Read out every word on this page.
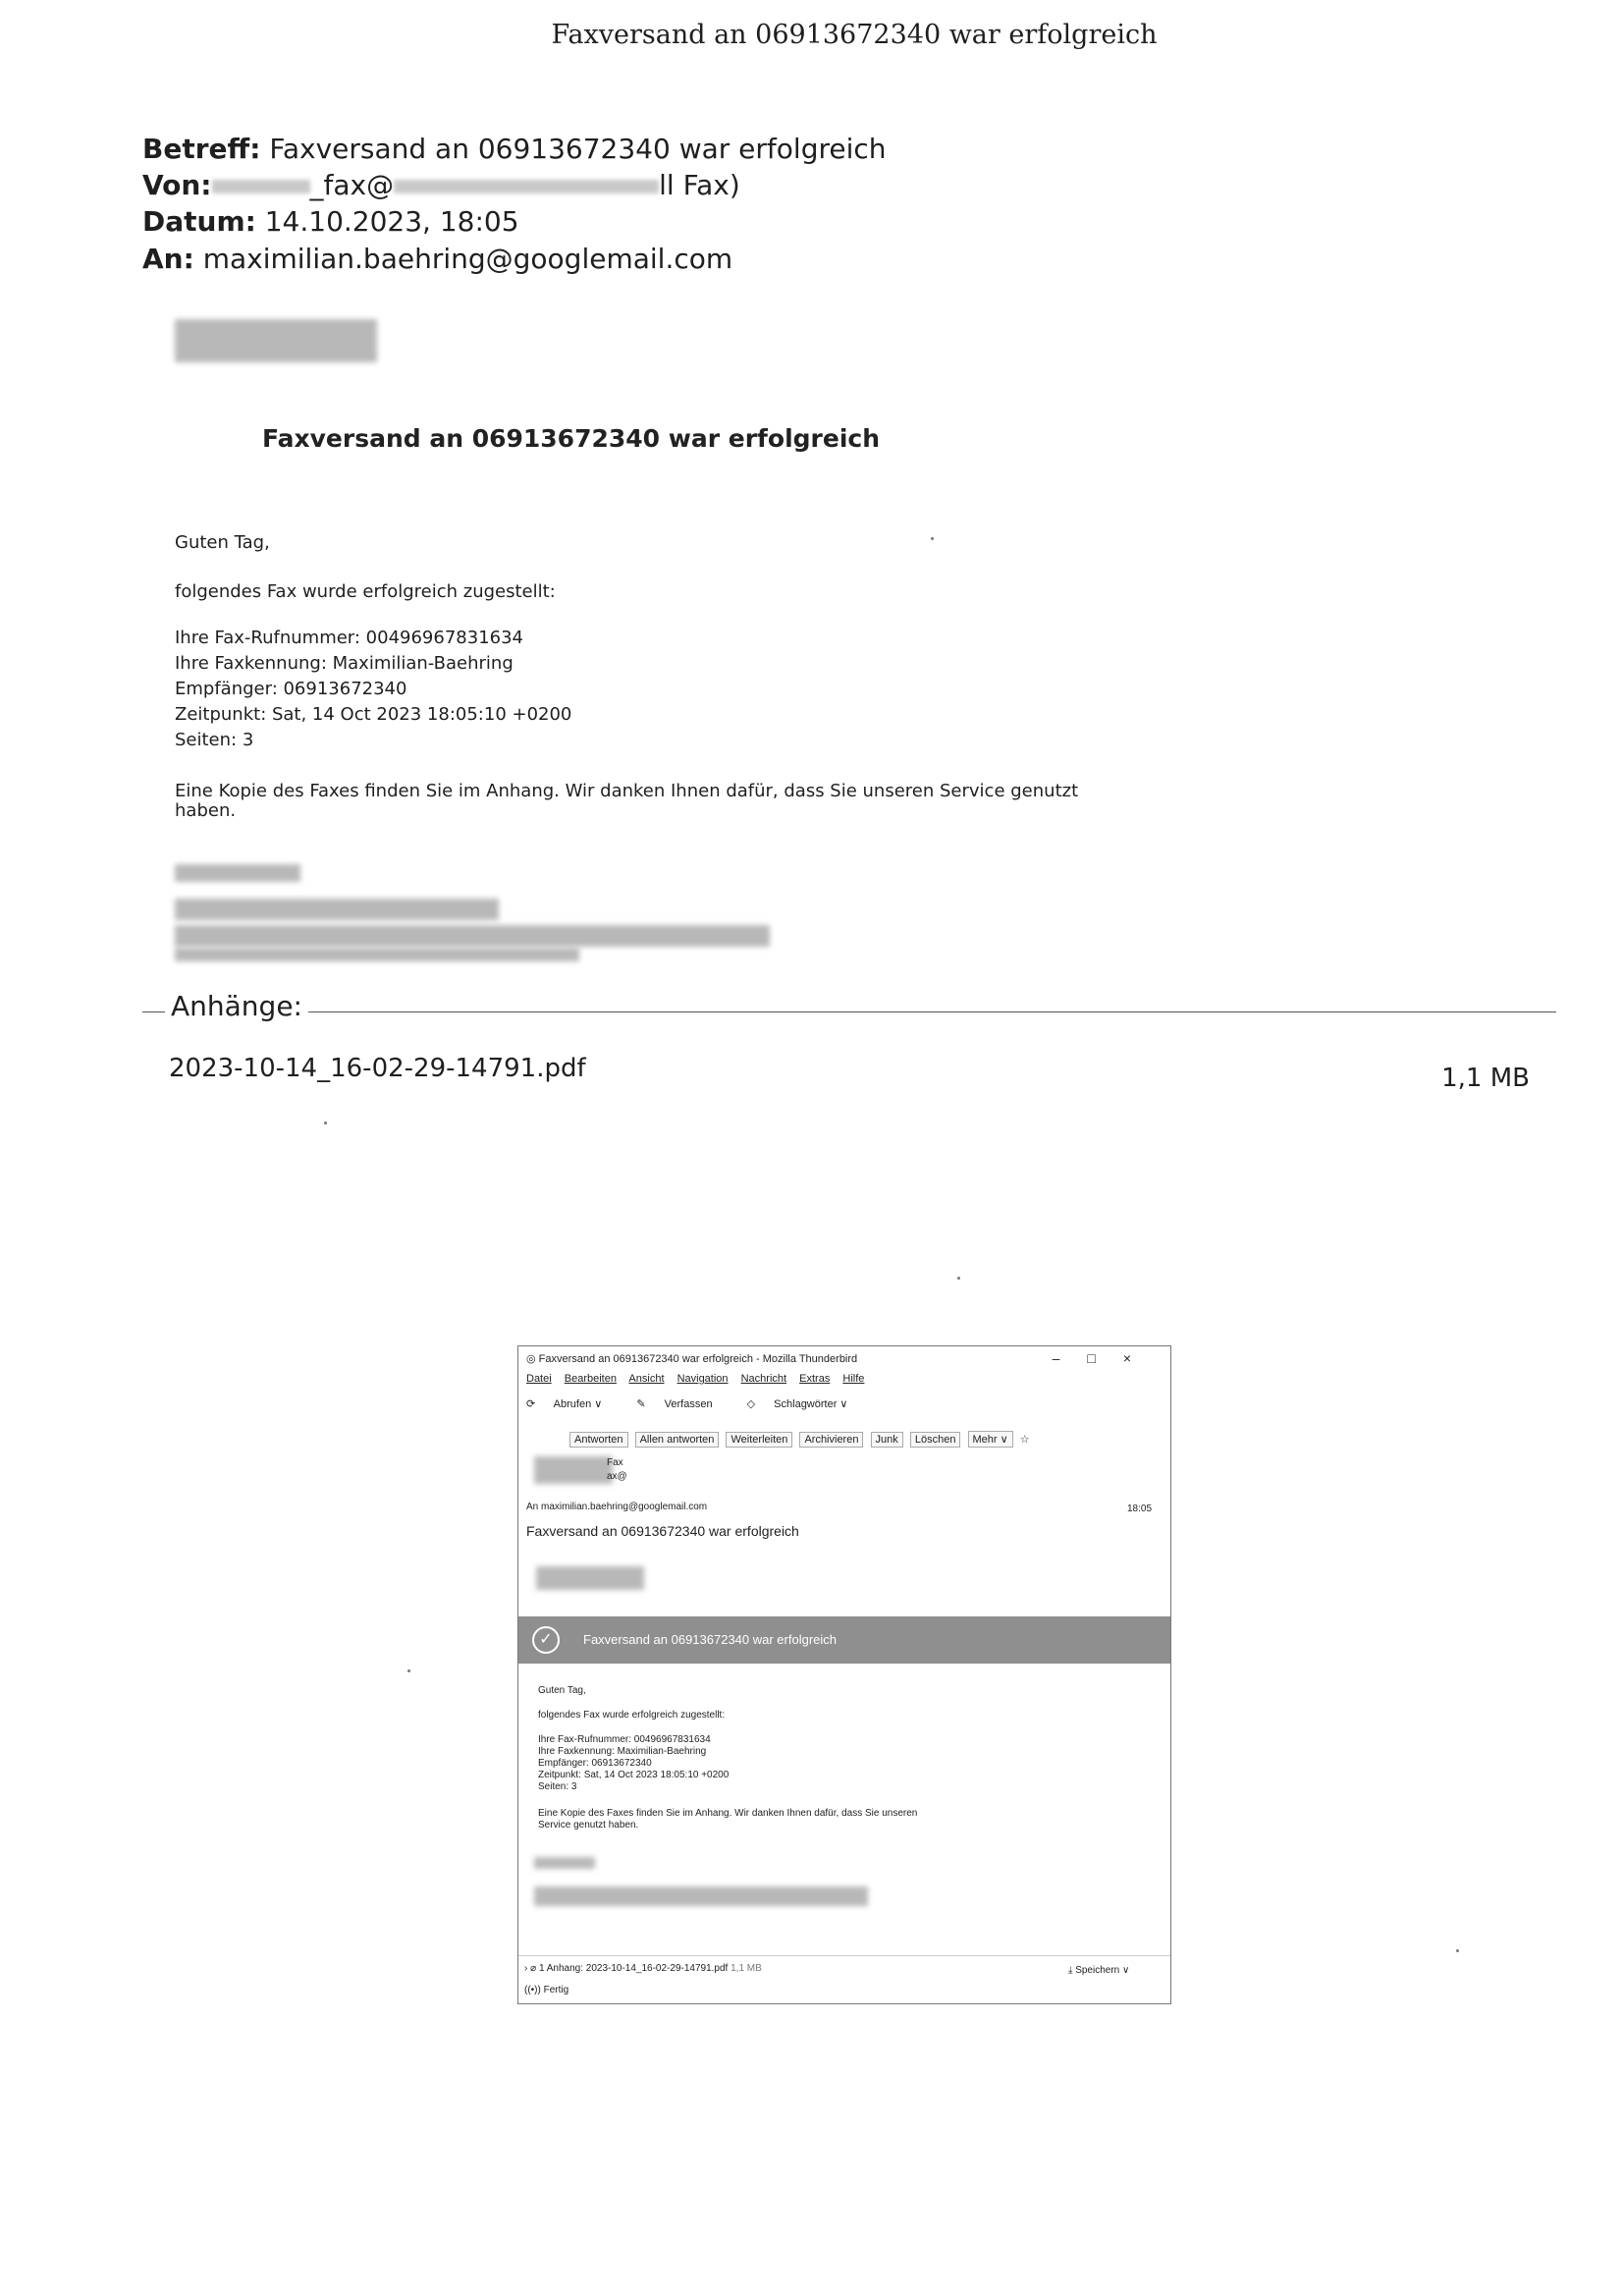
Faxversand an 06913672340 war erfolgreich
Betreff: Faxversand an 06913672340 war erfolgreich
Von:	_fax@	ll Fax)
Datum: 14.10.2023, 18:05
An: maximilian.baehring@googlemail.com
Faxversand an 06913672340 war erfolgreich
Guten Tag,
folgendes Fax wurde erfolgreich zugestellt:
Ihre Fax-Rufnummer: 00496967831634
Ihre Faxkennung: Maximilian-Baehring
Empfänger: 06913672340
Zeitpunkt: Sat, 14 Oct 2023 18:05:10 +0200
Seiten: 3
Eine Kopie des Faxes finden Sie im Anhang. Wir danken Ihnen dafür, dass Sie unseren Service genutzt
haben.
Anhänge:
2023-10-14_16-02-29-14791.pdf	1,1 MB
◎ Faxversand an 06913672340 war erfolgreich - Mozilla Thunderbird	–□×
Datei Bearbeiten Ansicht Navigation Nachricht Extras Hilfe
⟳ Abrufen ∨	✎ Verfassen	◇ Schlagwörter ∨
Antworten Allen antworten Weiterleiten Archivieren Junk Löschen Mehr ∨ ☆
Fax
ax@
An maximilian.baehring@googlemail.com	18:05
Faxversand an 06913672340 war erfolgreich
✓	Faxversand an 06913672340 war erfolgreich
Guten Tag,
folgendes Fax wurde erfolgreich zugestellt:
Ihre Fax-Rufnummer: 00496967831634
Ihre Faxkennung: Maximilian-Baehring
Empfänger: 06913672340
Zeitpunkt: Sat, 14 Oct 2023 18:05:10 +0200
Seiten: 3
Eine Kopie des Faxes finden Sie im Anhang. Wir danken Ihnen dafür, dass Sie unseren
Service genutzt haben.
› ⌀ 1 Anhang: 2023-10-14_16-02-29-14791.pdf 1,1 MB	⤓ Speichern ∨
((•)) Fertig
